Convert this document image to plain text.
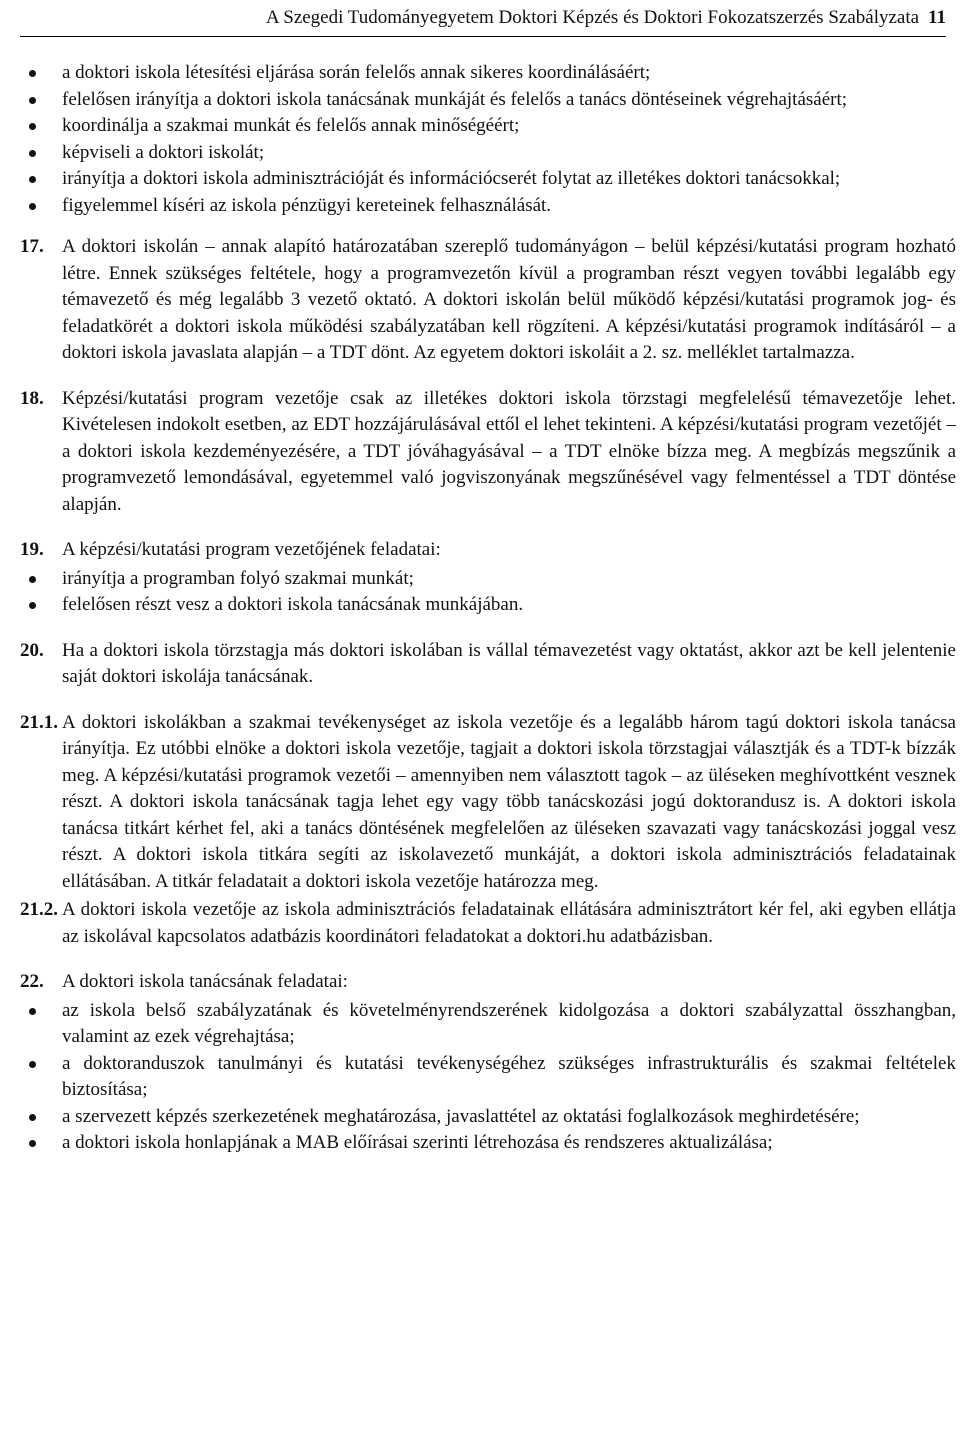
A Szegedi Tudományegyetem Doktori Képzés és Doktori Fokozatszerzés Szabályzata 11
a doktori iskola létesítési eljárása során felelős annak sikeres koordinálásáért;
felelősen irányítja a doktori iskola tanácsának munkáját és felelős a tanács döntéseinek végrehajtásáért;
koordinálja a szakmai munkát és felelős annak minőségéért;
képviseli a doktori iskolát;
irányítja a doktori iskola adminisztrációját és információcserét folytat az illetékes doktori tanácsokkal;
figyelemmel kíséri az iskola pénzügyi kereteinek felhasználását.
17. A doktori iskolán – annak alapító határozatában szereplő tudományágon – belül képzési/kutatási program hozható létre. Ennek szükséges feltétele, hogy a programvezetőn kívül a programban részt vegyen további legalább egy témavezető és még legalább 3 vezető oktató. A doktori iskolán belül működő képzési/kutatási programok jog- és feladatkörét a doktori iskola működési szabályzatában kell rögzíteni. A képzési/kutatási programok indításáról – a doktori iskola javaslata alapján – a TDT dönt. Az egyetem doktori iskoláit a 2. sz. melléklet tartalmazza.
18. Képzési/kutatási program vezetője csak az illetékes doktori iskola törzstagi megfelelésű témavezetője lehet. Kivételesen indokolt esetben, az EDT hozzájárulásával ettől el lehet tekinteni. A képzési/kutatási program vezetőjét – a doktori iskola kezdeményezésére, a TDT jóváhagyásával – a TDT elnöke bízza meg. A megbízás megszűnik a programvezető lemondásával, egyetemmel való jogviszonyának megszűnésével vagy felmentéssel a TDT döntése alapján.
19. A képzési/kutatási program vezetőjének feladatai:
irányítja a programban folyó szakmai munkát;
felelősen részt vesz a doktori iskola tanácsának munkájában.
20. Ha a doktori iskola törzstagja más doktori iskolában is vállal témavezetést vagy oktatást, akkor azt be kell jelentenie saját doktori iskolája tanácsának.
21.1. A doktori iskolákban a szakmai tevékenységet az iskola vezetője és a legalább három tagú doktori iskola tanácsa irányítja. Ez utóbbi elnöke a doktori iskola vezetője, tagjait a doktori iskola törzstagjai választják és a TDT-k bízzák meg. A képzési/kutatási programok vezetői – amennyiben nem választott tagok – az üléseken meghívottként vesznek részt. A doktori iskola tanácsának tagja lehet egy vagy több tanácskozási jogú doktorandusz is. A doktori iskola tanácsa titkárt kérhet fel, aki a tanács döntésének megfelelően az üléseken szavazati vagy tanácskozási joggal vesz részt. A doktori iskola titkára segíti az iskolavezető munkáját, a doktori iskola adminisztrációs feladatainak ellátásában. A titkár feladatait a doktori iskola vezetője határozza meg.
21.2. A doktori iskola vezetője az iskola adminisztrációs feladatainak ellátására adminisztrátort kér fel, aki egyben ellátja az iskolával kapcsolatos adatbázis koordinátori feladatokat a doktori.hu adatbázisban.
22. A doktori iskola tanácsának feladatai:
az iskola belső szabályzatának és követelményrendszerének kidolgozása a doktori szabályzattal összhangban, valamint az ezek végrehajtása;
a doktoranduszok tanulmányi és kutatási tevékenységéhez szükséges infrastrukturális és szakmai feltételek biztosítása;
a szervezett képzés szerkezetének meghatározása, javaslattétel az oktatási foglalkozások meghirdetésére;
a doktori iskola honlapjának a MAB előírásai szerinti létrehozása és rendszeres aktualizálása;
